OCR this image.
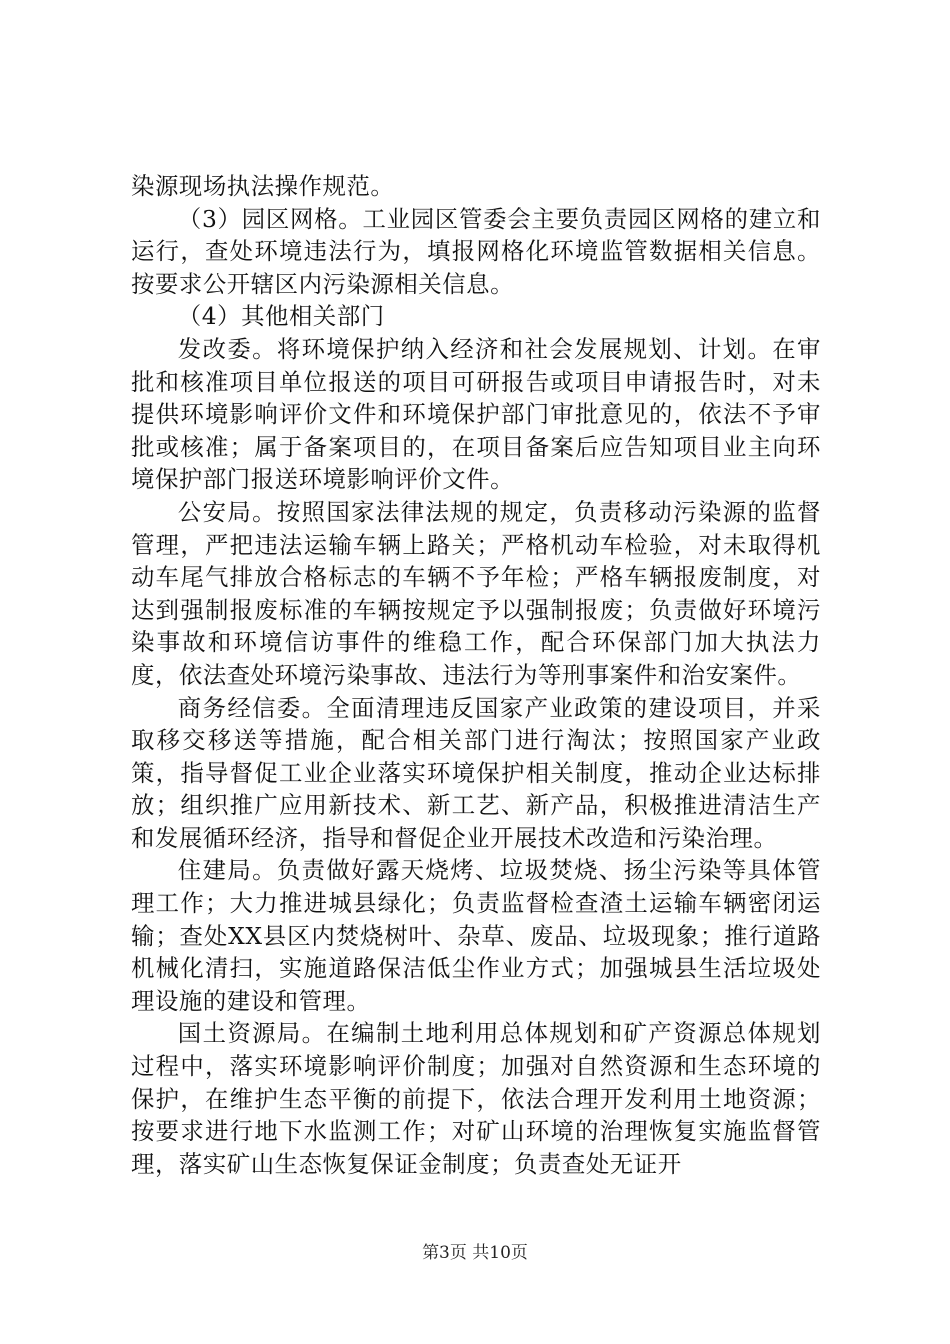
染源现场执法操作规范。

（3）园区网格。工业园区管委会主要负责园区网格的建立和运行，查处环境违法行为，填报网格化环境监管数据相关信息。按要求公开辖区内污染源相关信息。

（4）其他相关部门

发改委。将环境保护纳入经济和社会发展规划、计划。在审批和核准项目单位报送的项目可研报告或项目申请报告时，对未提供环境影响评价文件和环境保护部门审批意见的，依法不予审批或核准；属于备案项目的，在项目备案后应告知项目业主向环境保护部门报送环境影响评价文件。

公安局。按照国家法律法规的规定，负责移动污染源的监督管理，严把违法运输车辆上路关；严格机动车检验，对未取得机动车尾气排放合格标志的车辆不予年检；严格车辆报废制度，对达到强制报废标准的车辆按规定予以强制报废；负责做好环境污染事故和环境信访事件的维稳工作，配合环保部门加大执法力度，依法查处环境污染事故、违法行为等刑事案件和治安案件。

商务经信委。全面清理违反国家产业政策的建设项目，并采取移交移送等措施，配合相关部门进行淘汰；按照国家产业政策，指导督促工业企业落实环境保护相关制度，推动企业达标排放；组织推广应用新技术、新工艺、新产品，积极推进清洁生产和发展循环经济，指导和督促企业开展技术改造和污染治理。

住建局。负责做好露天烧烤、垃圾焚烧、扬尘污染等具体管理工作；大力推进城县绿化；负责监督检查渣土运输车辆密闭运输；查处XX县区内焚烧树叶、杂草、废品、垃圾现象；推行道路机械化清扫，实施道路保洁低尘作业方式；加强城县生活垃圾处理设施的建设和管理。

国土资源局。在编制土地利用总体规划和矿产资源总体规划过程中，落实环境影响评价制度；加强对自然资源和生态环境的保护，在维护生态平衡的前提下，依法合理开发利用土地资源；按要求进行地下水监测工作；对矿山环境的治理恢复实施监督管理，落实矿山生态恢复保证金制度；负责查处无证开

第3页 共10页
